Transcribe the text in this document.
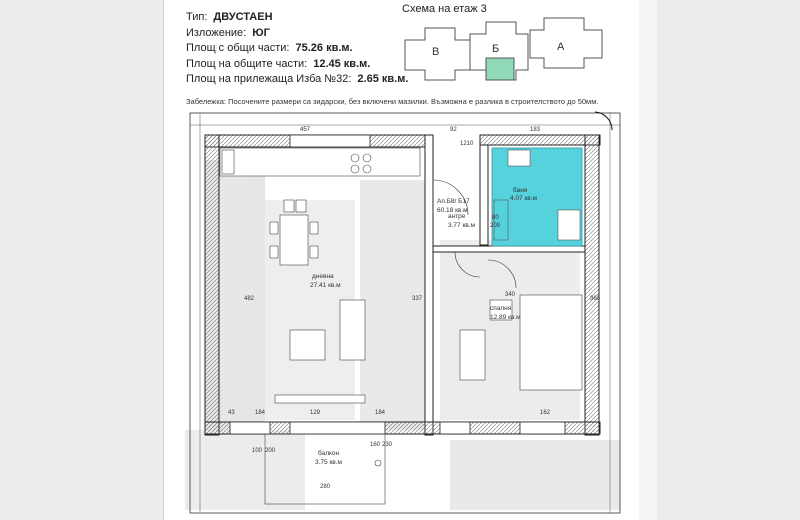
Тип: ДВУСТАЕН
Изложение: ЮГ
Площ с общи части: 75.26 кв.м.
Площ на общите части: 12.45 кв.м.
Площ на прилежаща Изба №32: 2.65 кв.м.
Схема на етаж 3
Забележка: Посочените размери са зидарски, без включени мазилки. Възможна е разлика в строителството до 50мм.
В	Б	А
дневна
27.41 кв.м
Ап.Б8/ Б17
60.18 кв.м
антре
3.77 кв.м
баня
4.07 кв.м
спалня
12.89 кв.м
балкон
3.75 кв.м
457	92	183
1210
482	337	360
43	184	129	184	162
80
209
340
100 200
160 230
280
